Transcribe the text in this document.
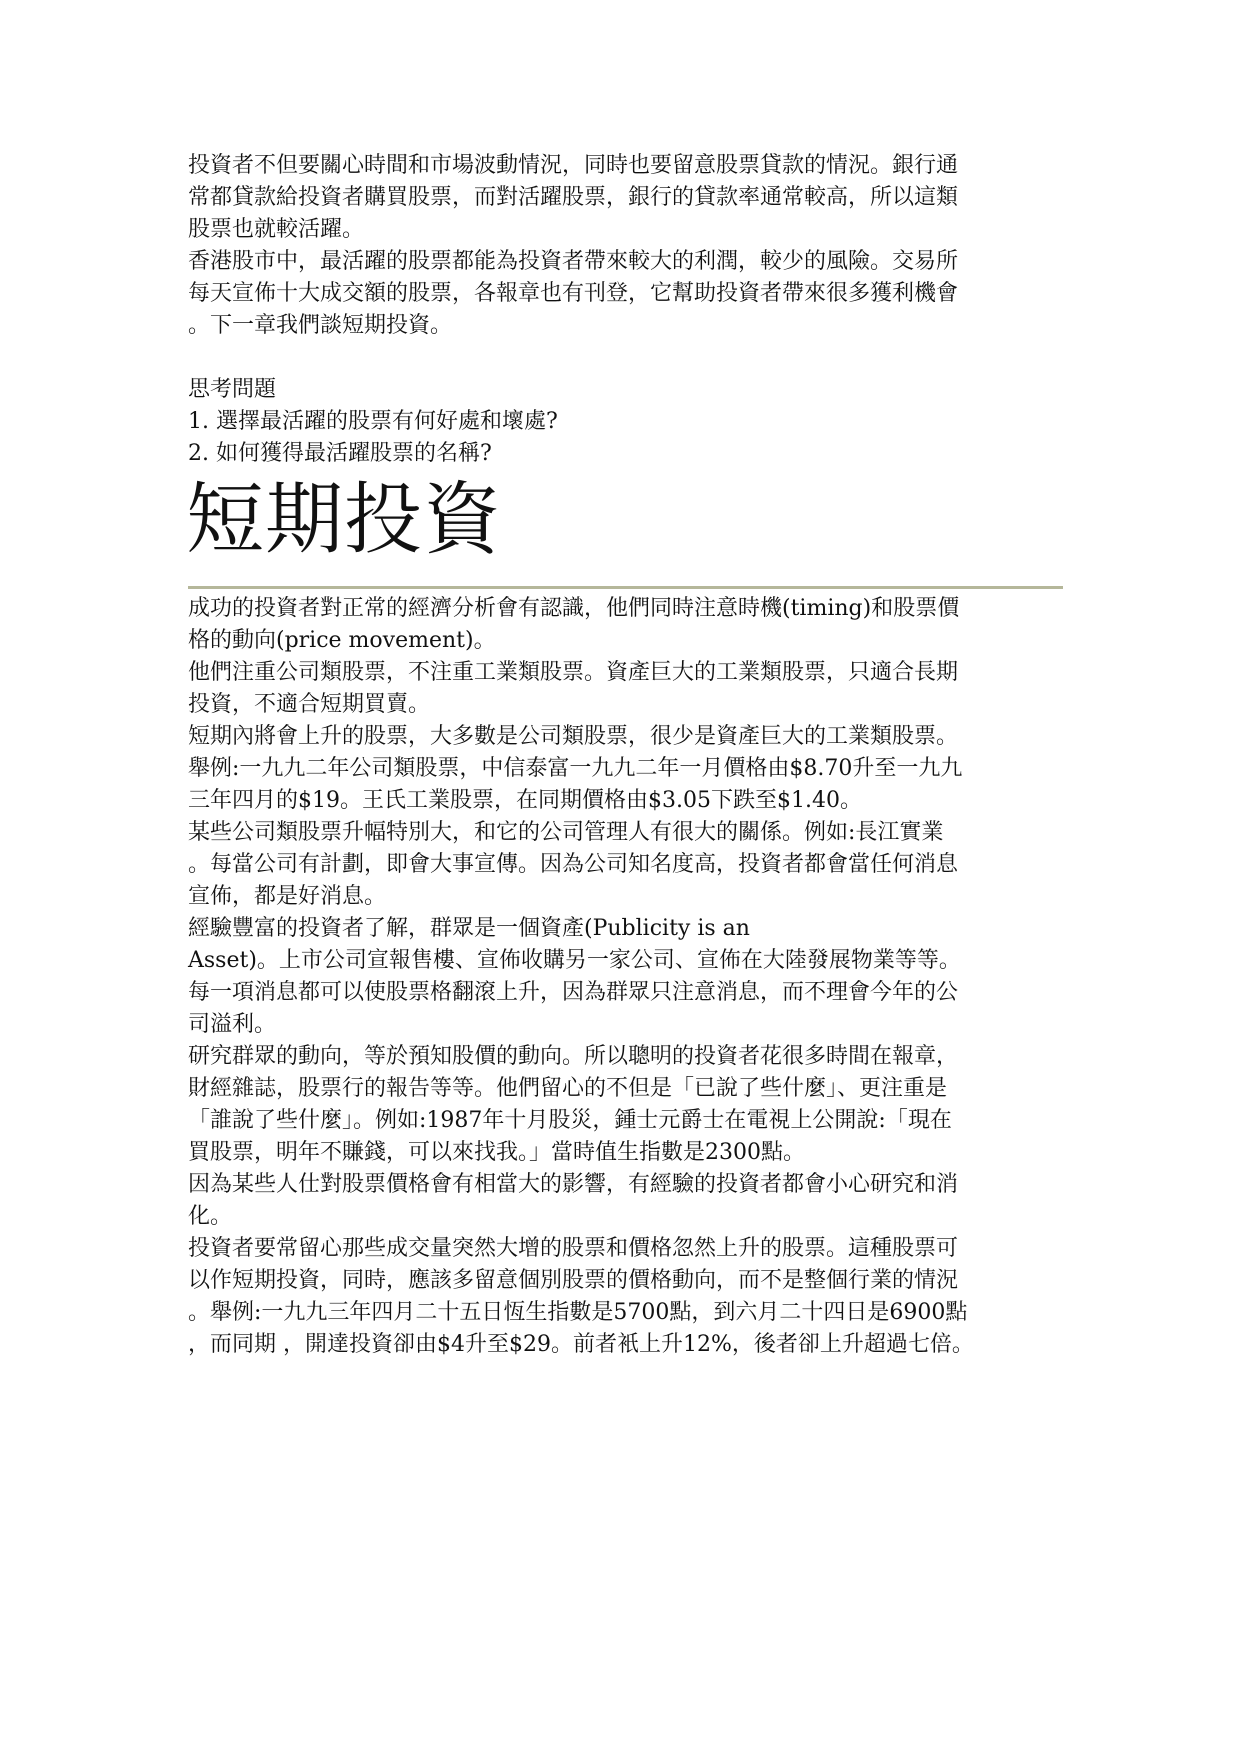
投資者不但要關心時間和市場波動情況，同時也要留意股票貸款的情況。銀行通
常都貸款給投資者購買股票，而對活躍股票，銀行的貸款率通常較高，所以這類
股票也就較活躍。
香港股市中，最活躍的股票都能為投資者帶來較大的利潤，較少的風險。交易所
每天宣佈十大成交額的股票，各報章也有刊登，它幫助投資者帶來很多獲利機會
。下一章我們談短期投資。
思考問題
1. 選擇最活躍的股票有何好處和壞處?
2. 如何獲得最活躍股票的名稱?
短期投資
成功的投資者對正常的經濟分析會有認識，他們同時注意時機(timing)和股票價
格的動向(price movement)。
他們注重公司類股票，不注重工業類股票。資產巨大的工業類股票，只適合長期
投資，不適合短期買賣。
短期內將會上升的股票，大多數是公司類股票，很少是資產巨大的工業類股票。
舉例:一九九二年公司類股票，中信泰富一九九二年一月價格由$8.70升至一九九
三年四月的$19。王氏工業股票，在同期價格由$3.05下跌至$1.40。
某些公司類股票升幅特別大，和它的公司管理人有很大的關係。例如:長江實業
。每當公司有計劃，即會大事宣傳。因為公司知名度高，投資者都會當任何消息
宣佈，都是好消息。
經驗豐富的投資者了解，群眾是一個資產(Publicity is an
Asset)。上市公司宣報售樓、宣佈收購另一家公司、宣佈在大陸發展物業等等。
每一項消息都可以使股票格翻滾上升，因為群眾只注意消息，而不理會今年的公
司溢利。
研究群眾的動向，等於預知股價的動向。所以聰明的投資者花很多時間在報章，
財經雜誌，股票行的報告等等。他們留心的不但是「已說了些什麼」、更注重是
「誰說了些什麼」。例如:1987年十月股災，鍾士元爵士在電視上公開說:「現在
買股票，明年不賺錢，可以來找我。」當時值生指數是2300點。
因為某些人仕對股票價格會有相當大的影響，有經驗的投資者都會小心研究和消
化。
投資者要常留心那些成交量突然大增的股票和價格忽然上升的股票。這種股票可
以作短期投資，同時，應該多留意個別股票的價格動向，而不是整個行業的情況
。舉例:一九九三年四月二十五日恆生指數是5700點，到六月二十四日是6900點
，而同期 ，開達投資卻由$4升至$29。前者衹上升12%，後者卻上升超過七倍。
